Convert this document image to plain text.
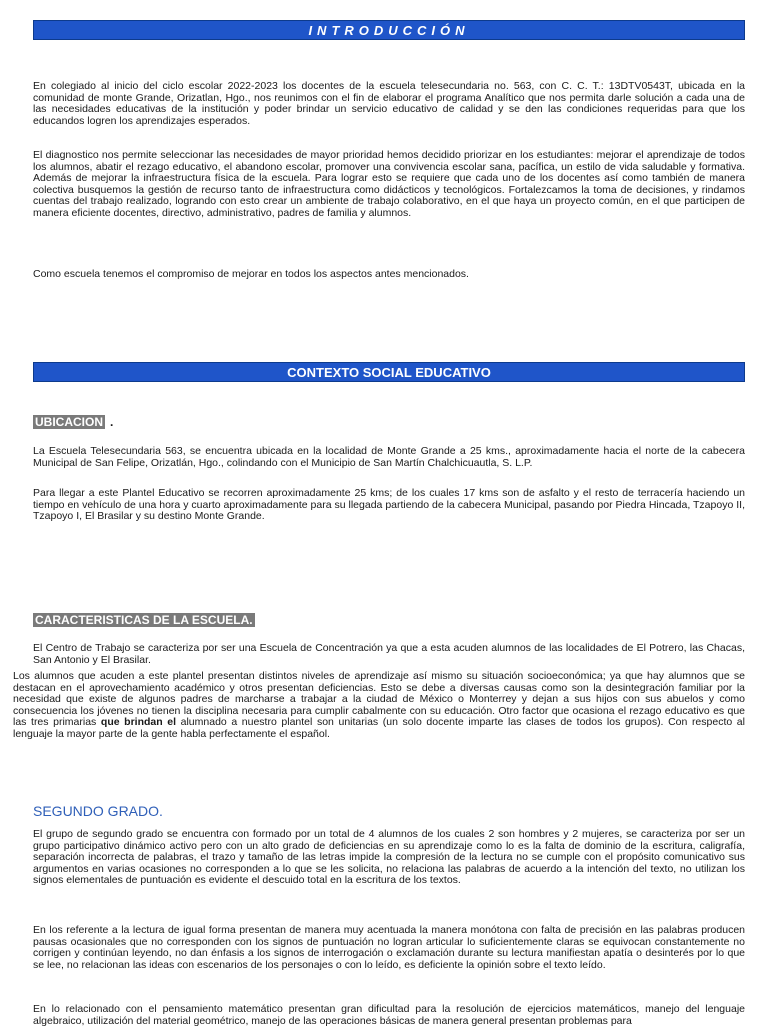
INTRODUCCIÓN

En colegiado al inicio del ciclo escolar 2022-2023 los docentes de la escuela telesecundaria no. 563, con C. C. T.: 13DTV0543T, ubicada en la comunidad de monte Grande, Orizatlan, Hgo., nos reunimos con el fin de elaborar el programa Analítico que nos permita darle solución a cada una de las necesidades educativas de la institución y poder brindar un servicio educativo de calidad y se den las condiciones requeridas para que los educandos logren los aprendizajes esperados.

El diagnostico nos permite seleccionar las necesidades de mayor prioridad hemos decidido priorizar en los estudiantes: mejorar el aprendizaje de todos los alumnos, abatir el rezago educativo, el abandono escolar, promover una convivencia escolar sana, pacífica, un estilo de vida saludable y formativa. Además de mejorar la infraestructura física de la escuela. Para lograr esto se requiere que cada uno de los docentes así como también de manera colectiva busquemos la gestión de recurso tanto de infraestructura como didácticos y tecnológicos. Fortalezcamos la toma de decisiones, y rindamos cuentas del trabajo realizado, logrando con esto crear un ambiente de trabajo colaborativo, en el que haya un proyecto común, en el que participen de manera eficiente docentes, directivo, administrativo, padres de familia y alumnos.

Como escuela tenemos el compromiso de mejorar en todos los aspectos antes mencionados.

CONTEXTO SOCIAL EDUCATIVO
UBICACION .

La Escuela Telesecundaria 563, se encuentra ubicada en la localidad de Monte Grande a 25 kms., aproximadamente hacia el norte de la cabecera Municipal de San Felipe, Orizatlán, Hgo., colindando con el Municipio de San Martín Chalchicuautla, S. L.P.

Para llegar a este Plantel Educativo se recorren aproximadamente 25 kms; de los cuales 17 kms son de asfalto y el resto de terracería haciendo un tiempo en vehículo de una hora y cuarto aproximadamente para su llegada partiendo de la cabecera Municipal, pasando por Piedra Hincada, Tzapoyo II, Tzapoyo I, El Brasilar y su destino Monte Grande.

CARACTERISTICAS DE LA ESCUELA.

El Centro de Trabajo se caracteriza por ser una Escuela de Concentración ya que a esta acuden alumnos de las localidades de El Potrero, las Chacas, San Antonio y El Brasilar.

Los alumnos que acuden a este plantel presentan distintos niveles de aprendizaje así mismo su situación socioeconómica; ya que hay alumnos que se destacan en el aprovechamiento académico y otros presentan deficiencias. Esto se debe a diversas causas como son la desintegración familiar por la necesidad que existe de algunos padres de marcharse a trabajar a la ciudad de México o Monterrey y dejan a sus hijos con sus abuelos y como consecuencia los jóvenes no tienen la disciplina necesaria para cumplir cabalmente con su educación. Otro factor que ocasiona el rezago educativo es que las tres primarias que brindan el alumnado a nuestro plantel son unitarias (un solo docente imparte las clases de todos los grupos). Con respecto al lenguaje la mayor parte de la gente habla perfectamente el español.

SEGUNDO GRADO.

El grupo de segundo grado se encuentra con formado por un total de 4 alumnos de los cuales 2 son hombres y 2 mujeres, se caracteriza por ser un grupo participativo dinámico activo pero con un alto grado de deficiencias en su aprendizaje como lo es la falta de dominio de la escritura, caligrafía, separación incorrecta de palabras, el trazo y tamaño de las letras impide la compresión de la lectura no se cumple con el propósito comunicativo sus argumentos en varias ocasiones no corresponden a lo que se les solicita, no relaciona las palabras de acuerdo a la intención del texto, no utilizan los signos elementales de puntuación es evidente el descuido total en la escritura de los textos.

En los referente a la lectura de igual forma presentan de manera muy acentuada la manera monótona con falta de precisión en las palabras producen pausas ocasionales que no corresponden con los signos de puntuación no logran articular lo suficientemente claras se equivocan constantemente no corrigen y continúan leyendo, no dan énfasis a los signos de interrogación o exclamación durante su lectura manifiestan apatía o desinterés por lo que se lee, no relacionan las ideas con escenarios de los personajes o con lo leído, es deficiente la opinión sobre el texto leído.

En lo relacionado con el pensamiento matemático presentan gran dificultad para la resolución de ejercicios matemáticos, manejo del lenguaje algebraico, utilización del material geométrico, manejo de las operaciones básicas de manera general presentan problemas para
